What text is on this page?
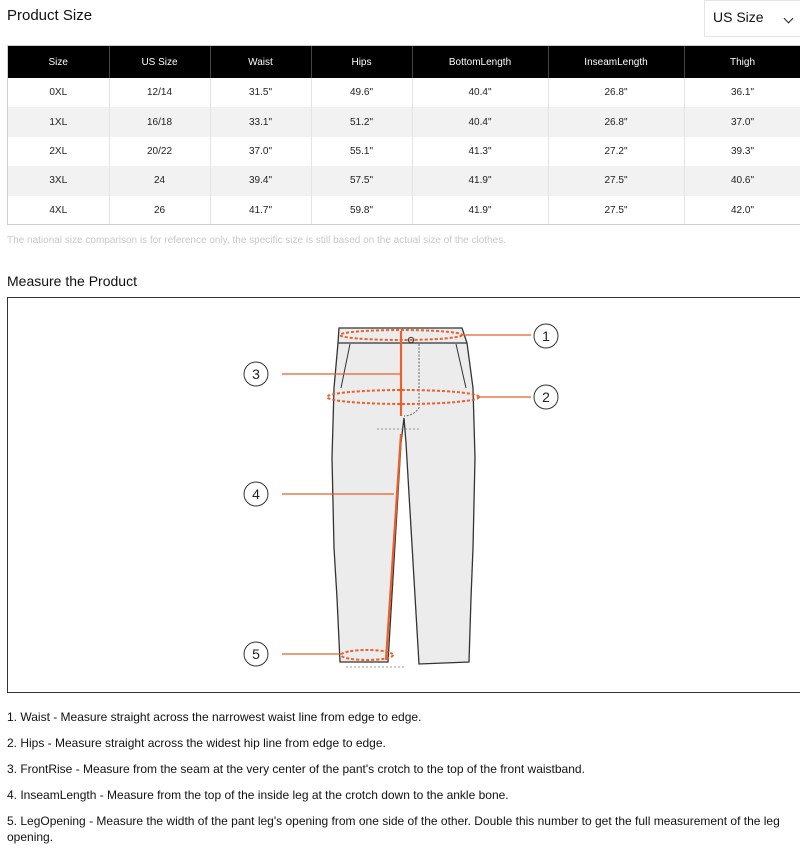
Product Size	US Size
Size	US Size	Waist	Hips	BottomLength	InseamLength	Thigh
0XL	12/14	31.5"	49.6"	40.4"	26.8"	36.1"
1XL	16/18	33.1"	51.2"	40.4"	26.8"	37.0"
2XL	20/22	37.0"	55.1"	41.3"	27.2"	39.3"
3XL	24	39.4"	57.5"	41.9"	27.5"	40.6"
4XL	26	41.7"	59.8"	41.9"	27.5"	42.0"
The national size comparison is for reference only, the specific size is still based on the actual size of the clothes.
Measure the Product
1
2
3
4
5

1. Waist - Measure straight across the narrowest waist line from edge to edge.

2. Hips - Measure straight across the widest hip line from edge to edge.

3. FrontRise - Measure from the seam at the very center of the pant's crotch to the top of the front waistband.

4. InseamLength - Measure from the top of the inside leg at the crotch down to the ankle bone.

5. LegOpening - Measure the width of the pant leg's opening from one side of the other. Double this number to get the full measurement of the leg opening.
